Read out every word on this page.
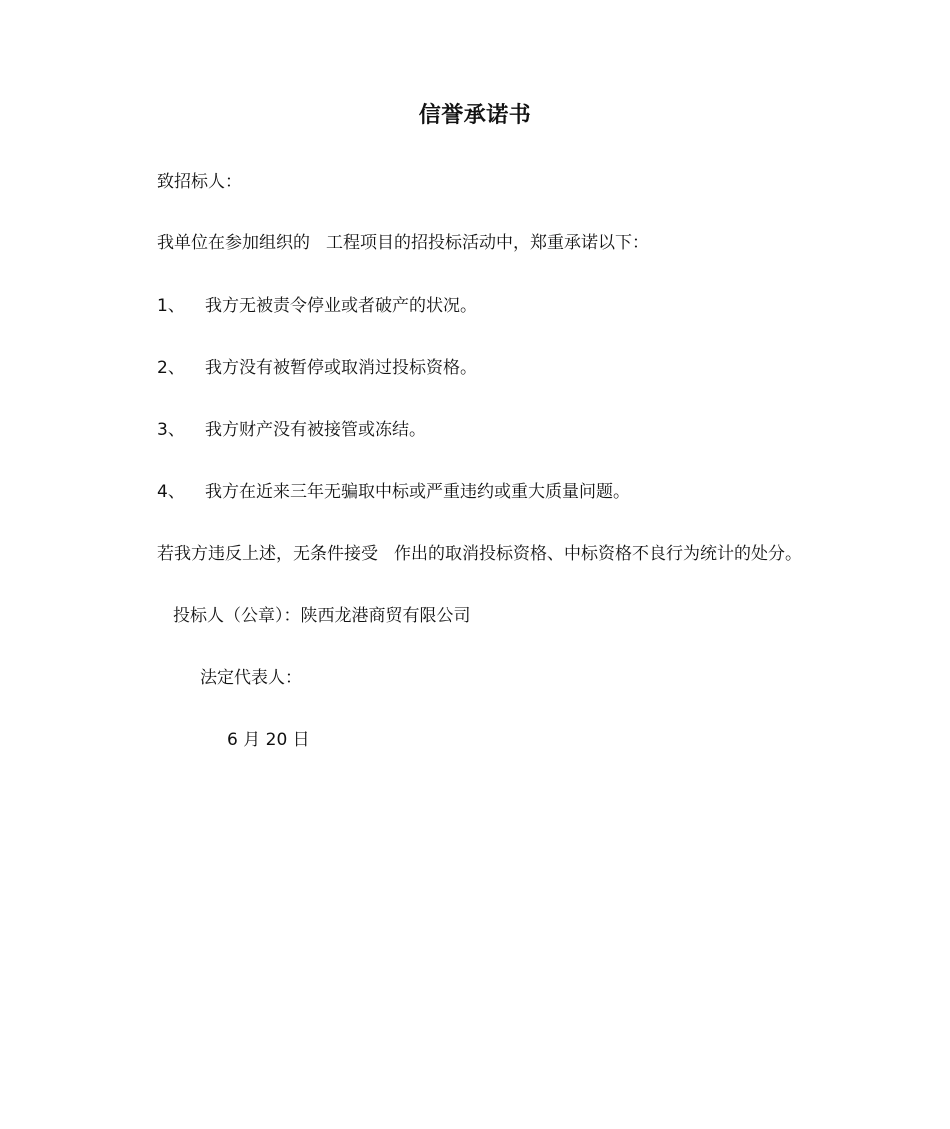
信誉承诺书
致招标人：
我单位在参加组织的 工程项目的招投标活动中，郑重承诺以下：
1、 我方无被责令停业或者破产的状况。
2、 我方没有被暂停或取消过投标资格。
3、 我方财产没有被接管或冻结。
4、 我方在近来三年无骗取中标或严重违约或重大质量问题。
若我方违反上述，无条件接受 作出的取消投标资格、中标资格不良行为统计的处分。
投标人（公章）：陕西龙港商贸有限公司
法定代表人：
6 月 20 日
